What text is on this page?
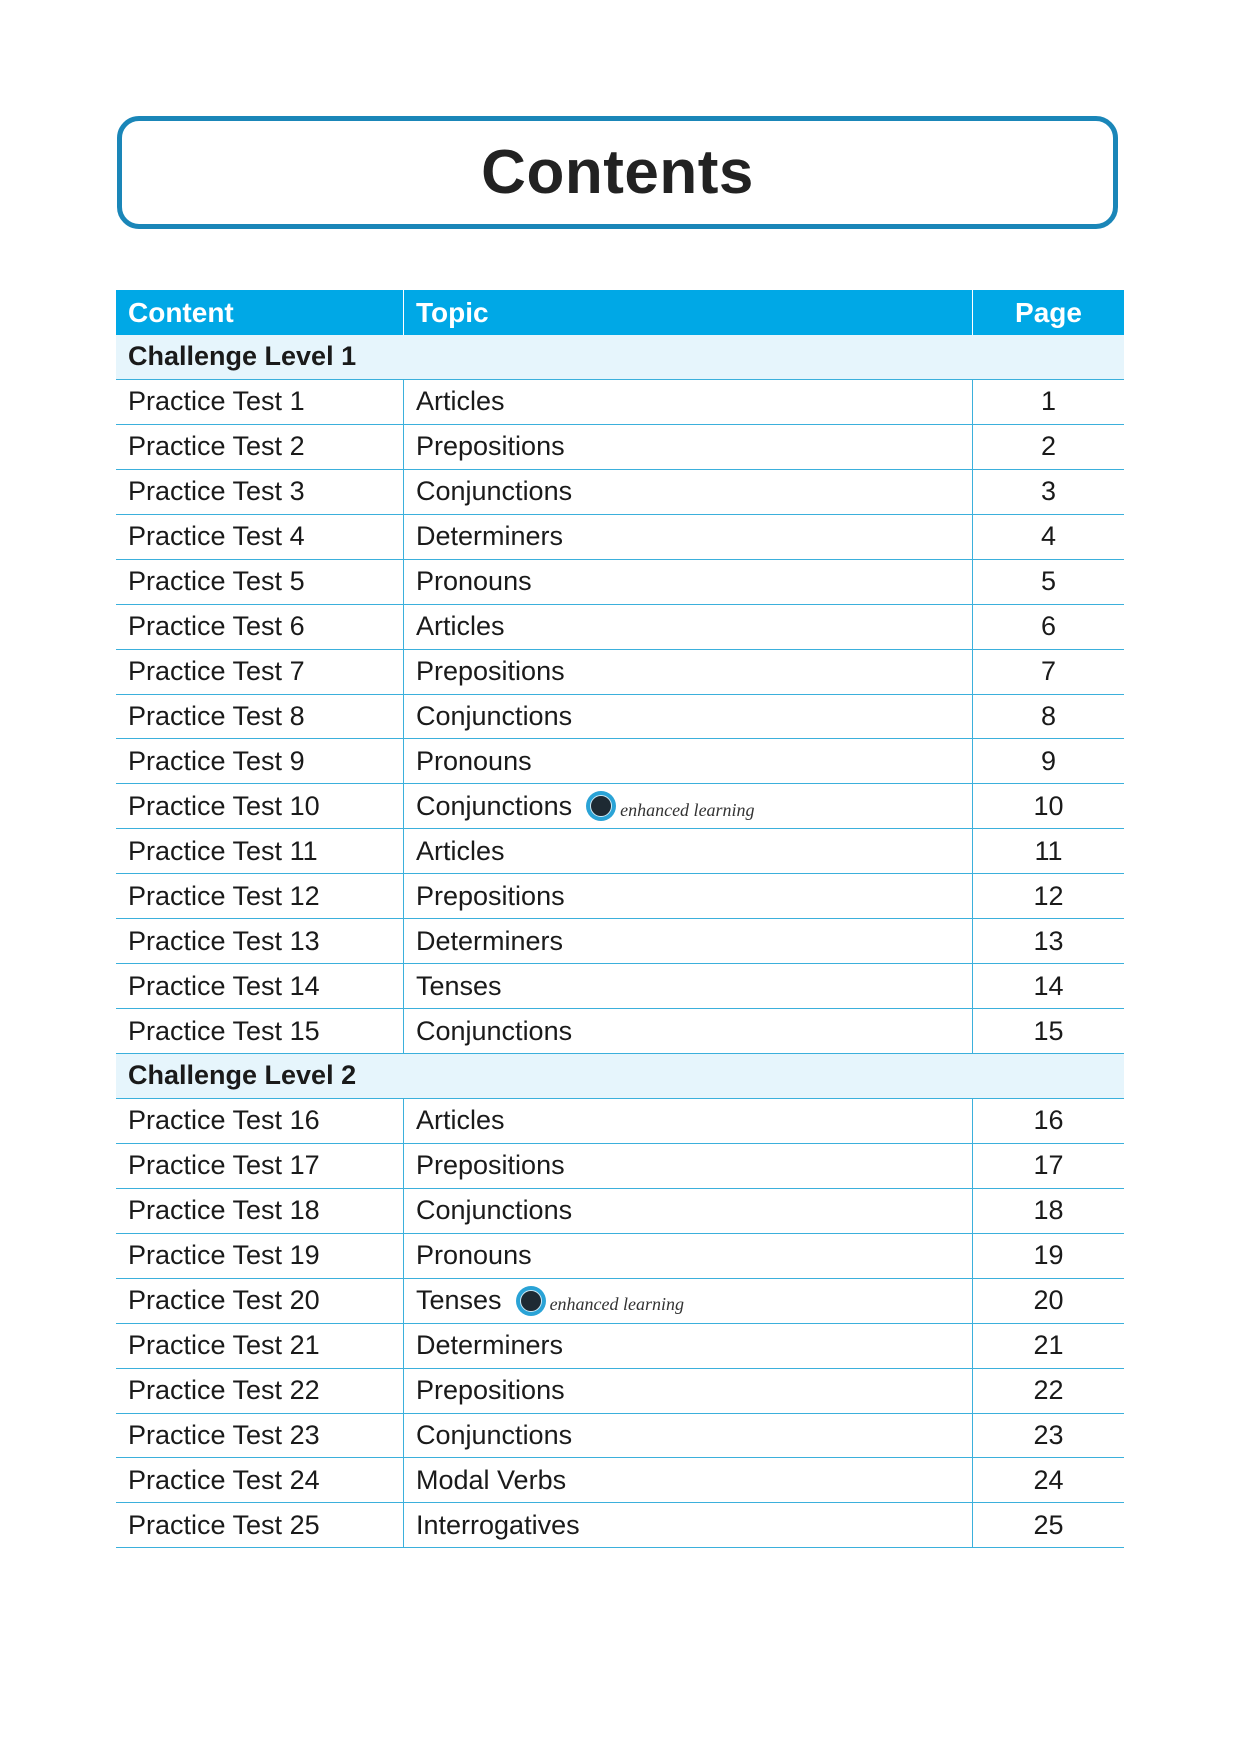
Contents
Content	Topic	Page
Challenge Level 1
Practice Test 1	Articles	1
Practice Test 2	Prepositions	2
Practice Test 3	Conjunctions	3
Practice Test 4	Determiners	4
Practice Test 5	Pronouns	5
Practice Test 6	Articles	6
Practice Test 7	Prepositions	7
Practice Test 8	Conjunctions	8
Practice Test 9	Pronouns	9
Practice Test 10	Conjunctions	enhanced learning	10
Practice Test 11	Articles	11
Practice Test 12	Prepositions	12
Practice Test 13	Determiners	13
Practice Test 14	Tenses	14
Practice Test 15	Conjunctions	15
Challenge Level 2
Practice Test 16	Articles	16
Practice Test 17	Prepositions	17
Practice Test 18	Conjunctions	18
Practice Test 19	Pronouns	19
Practice Test 20	Tenses	enhanced learning	20
Practice Test 21	Determiners	21
Practice Test 22	Prepositions	22
Practice Test 23	Conjunctions	23
Practice Test 24	Modal Verbs	24
Practice Test 25	Interrogatives	25
